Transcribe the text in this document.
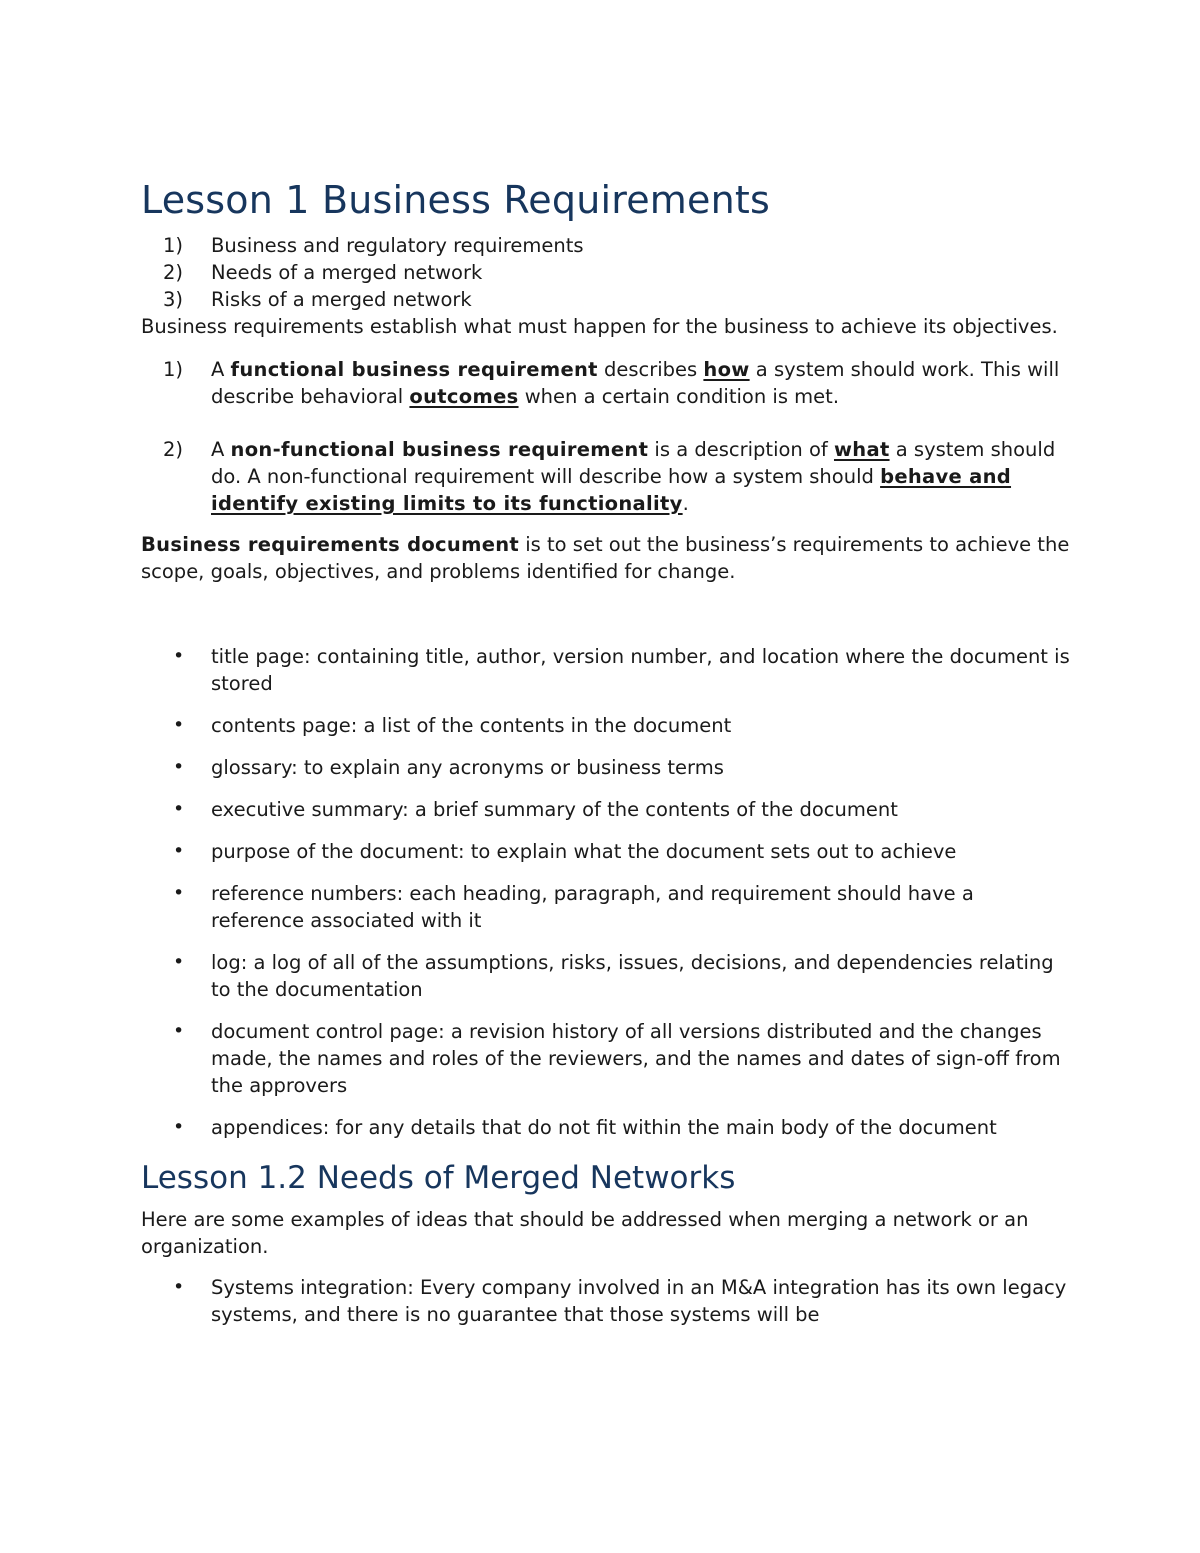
Lesson 1 Business Requirements
1) Business and regulatory requirements
2) Needs of a merged network
3) Risks of a merged network

Business requirements establish what must happen for the business to achieve its objectives.

1) A functional business requirement describes how a system should work. This will describe behavioral outcomes when a certain condition is met.
2) A non-functional business requirement is a description of what a system should do. A non-functional requirement will describe how a system should behave and identify existing limits to its functionality.

Business requirements document is to set out the business’s requirements to achieve the scope, goals, objectives, and problems identified for change.

• title page: containing title, author, version number, and location where the document is stored
• contents page: a list of the contents in the document
• glossary: to explain any acronyms or business terms
• executive summary: a brief summary of the contents of the document
• purpose of the document: to explain what the document sets out to achieve
• reference numbers: each heading, paragraph, and requirement should have a reference associated with it
• log: a log of all of the assumptions, risks, issues, decisions, and dependencies relating to the documentation
• document control page: a revision history of all versions distributed and the changes made, the names and roles of the reviewers, and the names and dates of sign-off from the approvers
• appendices: for any details that do not fit within the main body of the document
Lesson 1.2 Needs of Merged Networks

Here are some examples of ideas that should be addressed when merging a network or an organization.

• Systems integration: Every company involved in an M&A integration has its own legacy systems, and there is no guarantee that those systems will be
